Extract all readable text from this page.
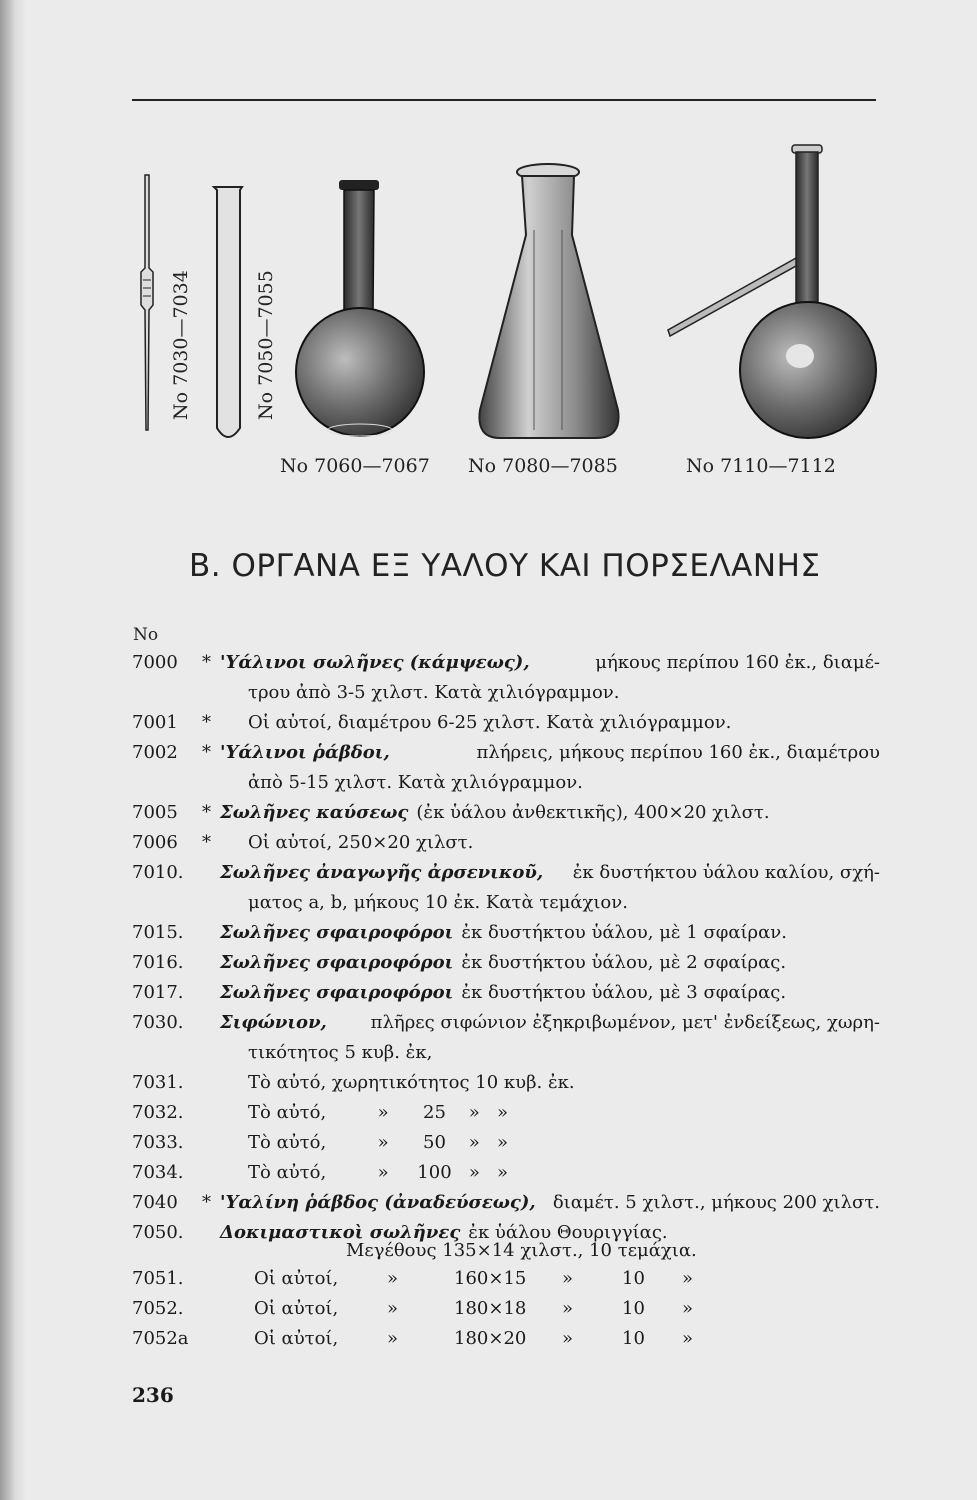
No 7030—7034	No 7050—7055
No 7060—7067 No 7080—7085	No 7110—7112
B. ΟΡΓΑΝΑ ΕΞ ΥΑΛΟΥ ΚΑΙ ΠΟΡΣΕΛΑΝΗΣ
No
7000	* 'Υάλινοι σωλῆνες (κάμψεως),	μήκους περίπου 160 ἐκ., διαμέ-
τρου ἀπὸ 3-5 χιλστ. Κατὰ χιλιόγραμμον.
7001	* Οἱ αὐτοί, διαμέτρου 6-25 χιλστ. Κατὰ χιλιόγραμμον.
7002	* 'Υάλινοι ῥάβδοι,	πλήρεις, μήκους περίπου 160 ἐκ., διαμέτρου
ἀπὸ 5-15 χιλστ. Κατὰ χιλιόγραμμον.
7005	* Σωλῆνες καύσεως (ἐκ ὑάλου ἀνθεκτικῆς), 400×20 χιλστ.
7006	* Οἱ αὐτοί, 250×20 χιλστ.
7010.	Σωλῆνες ἀναγωγῆς ἀρσενικοῦ, ἐκ δυστήκτου ὑάλου καλίου, σχή-
ματος a, b, μήκους 10 ἐκ. Κατὰ τεμάχιον.
7015.	Σωλῆνες σφαιροφόροι ἐκ δυστήκτου ὑάλου, μὲ 1 σφαίραν.
7016.	Σωλῆνες σφαιροφόροι ἐκ δυστήκτου ὑάλου, μὲ 2 σφαίρας.
7017.	Σωλῆνες σφαιροφόροι ἐκ δυστήκτου ὑάλου, μὲ 3 σφαίρας.
7030.	Σιφώνιον, πλῆρες σιφώνιον ἐξηκριβωμένον, μετ' ἐνδείξεως, χωρη-
τικότητος 5 κυβ. ἐκ,
7031.	Τὸ αὐτό, χωρητικότητος 10 κυβ. ἐκ.
7032.	Τὸ αὐτό,         »      25    »   »
7033.	Τὸ αὐτό,         »      50    »   »
7034.	Τὸ αὐτό,         »     100   »   »
7040	* 'Υαλίνη ῥάβδος (ἀναδεύσεως), διαμέτ. 5 χιλστ., μήκους 200 χιλστ.
7050.	Δοκιμαστικοὶ σωλῆνες ἐκ ὑάλου Θουριγγίας.
Μεγέθους 135×14 χιλστ., 10 τεμάχια.
7051.	Οἱ αὐτοί,	»	160×15 »	10 »
7052.	Οἱ αὐτοί,	»	180×18 »	10 »
7052a	Οἱ αὐτοί,	»	180×20 »	10 »
236
